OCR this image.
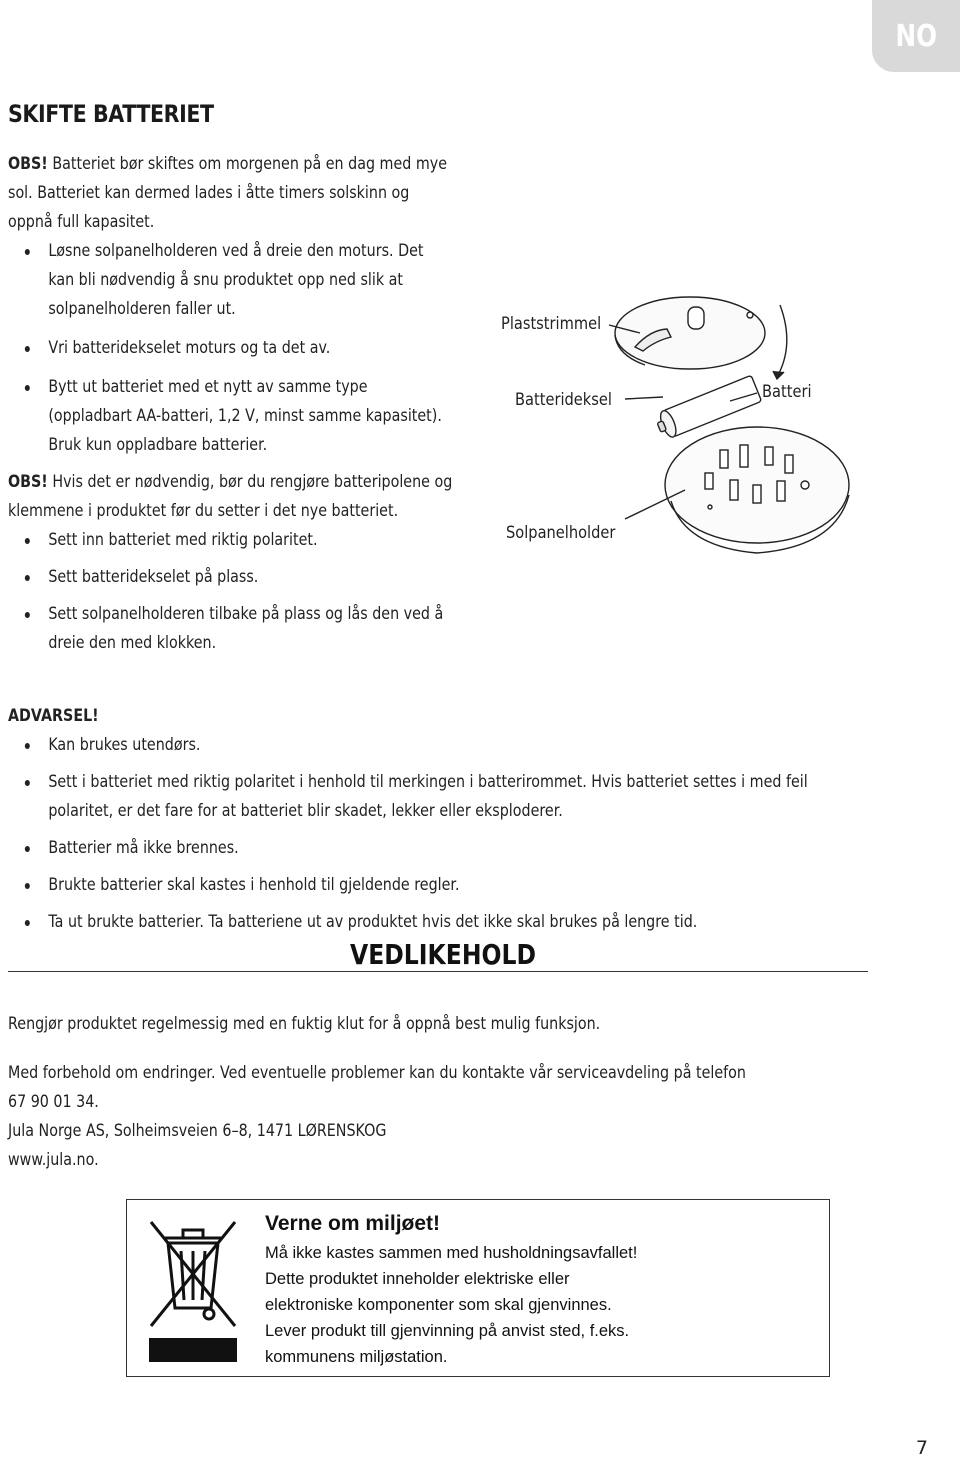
NO
SKIFTE BATTERIET

OBS! Batteriet bør skiftes om morgenen på en dag med mye sol. Batteriet kan dermed lades i åtte timers solskinn og oppnå full kapasitet.

Løsne solpanelholderen ved å dreie den moturs. Det kan bli nødvendig å snu produktet opp ned slik at solpanelholderen faller ut.
Vri batteridekselet moturs og ta det av.
Bytt ut batteriet med et nytt av samme type (oppladbart AA-batteri, 1,2 V, minst samme kapasitet). Bruk kun oppladbare batterier.

OBS! Hvis det er nødvendig, bør du rengjøre batteripolene og klemmene i produktet før du setter i det nye batteriet.

Sett inn batteriet med riktig polaritet.
Sett batteridekselet på plass.
Sett solpanelholderen tilbake på plass og lås den ved å dreie den med klokken.
Plaststrimmel
Batterideksel	Batteri
Solpanelholder

ADVARSEL!

Kan brukes utendørs.
Sett i batteriet med riktig polaritet i henhold til merkingen i batterirommet. Hvis batteriet settes i med feil polaritet, er det fare for at batteriet blir skadet, lekker eller eksploderer.
Batterier må ikke brennes.
Brukte batterier skal kastes i henhold til gjeldende regler.
Ta ut brukte batterier. Ta batteriene ut av produktet hvis det ikke skal brukes på lengre tid.
VEDLIKEHOLD

Rengjør produktet regelmessig med en fuktig klut for å oppnå best mulig funksjon.

Med forbehold om endringer. Ved eventuelle problemer kan du kontakte vår serviceavdeling på telefon

67 90 01 34.

Jula Norge AS, Solheimsveien 6–8, 1471 LØRENSKOG

www.jula.no.

Verne om miljøet!

Må ikke kastes sammen med husholdningsavfallet!

Dette produktet inneholder elektriske eller

elektroniske komponenter som skal gjenvinnes.

Lever produkt till gjenvinning på anvist sted, f.eks.

kommunens miljøstation.

7
